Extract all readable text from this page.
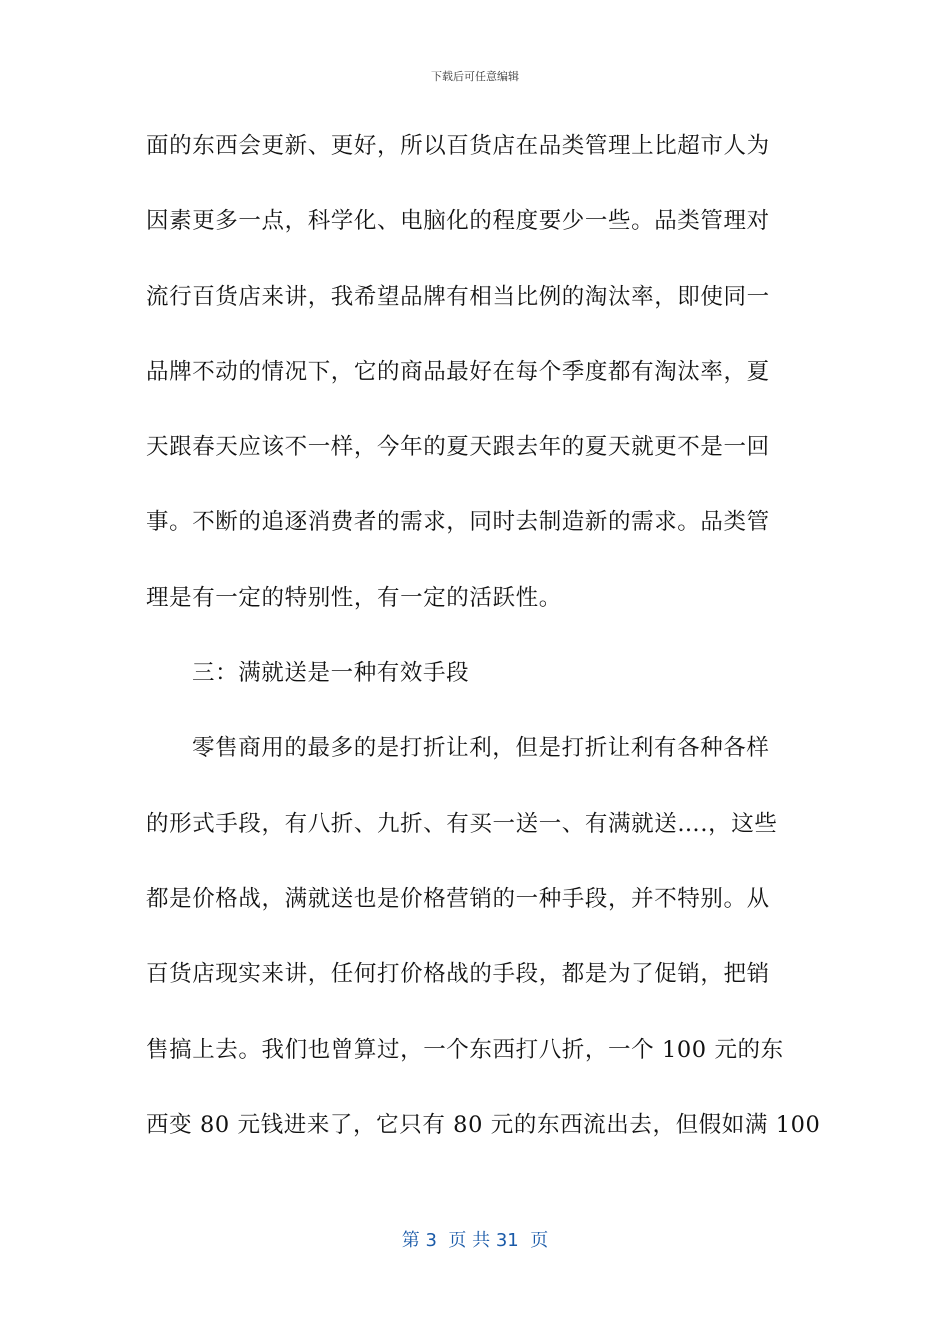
下载后可任意编辑
面的东西会更新、更好，所以百货店在品类管理上比超市人为
因素更多一点，科学化、电脑化的程度要少一些。品类管理对
流行百货店来讲，我希望品牌有相当比例的淘汰率，即使同一
品牌不动的情况下，它的商品最好在每个季度都有淘汰率，夏
天跟春天应该不一样，今年的夏天跟去年的夏天就更不是一回
事。不断的追逐消费者的需求，同时去制造新的需求。品类管
理是有一定的特别性，有一定的活跃性。
三：满就送是一种有效手段
零售商用的最多的是打折让利，但是打折让利有各种各样
的形式手段，有八折、九折、有买一送一、有满就送….，这些
都是价格战，满就送也是价格营销的一种手段，并不特别。从
百货店现实来讲，任何打价格战的手段，都是为了促销，把销
售搞上去。我们也曾算过，一个东西打八折，一个 100 元的东
西变 80 元钱进来了，它只有 80 元的东西流出去，但假如满 100
第 3  页 共 31  页
